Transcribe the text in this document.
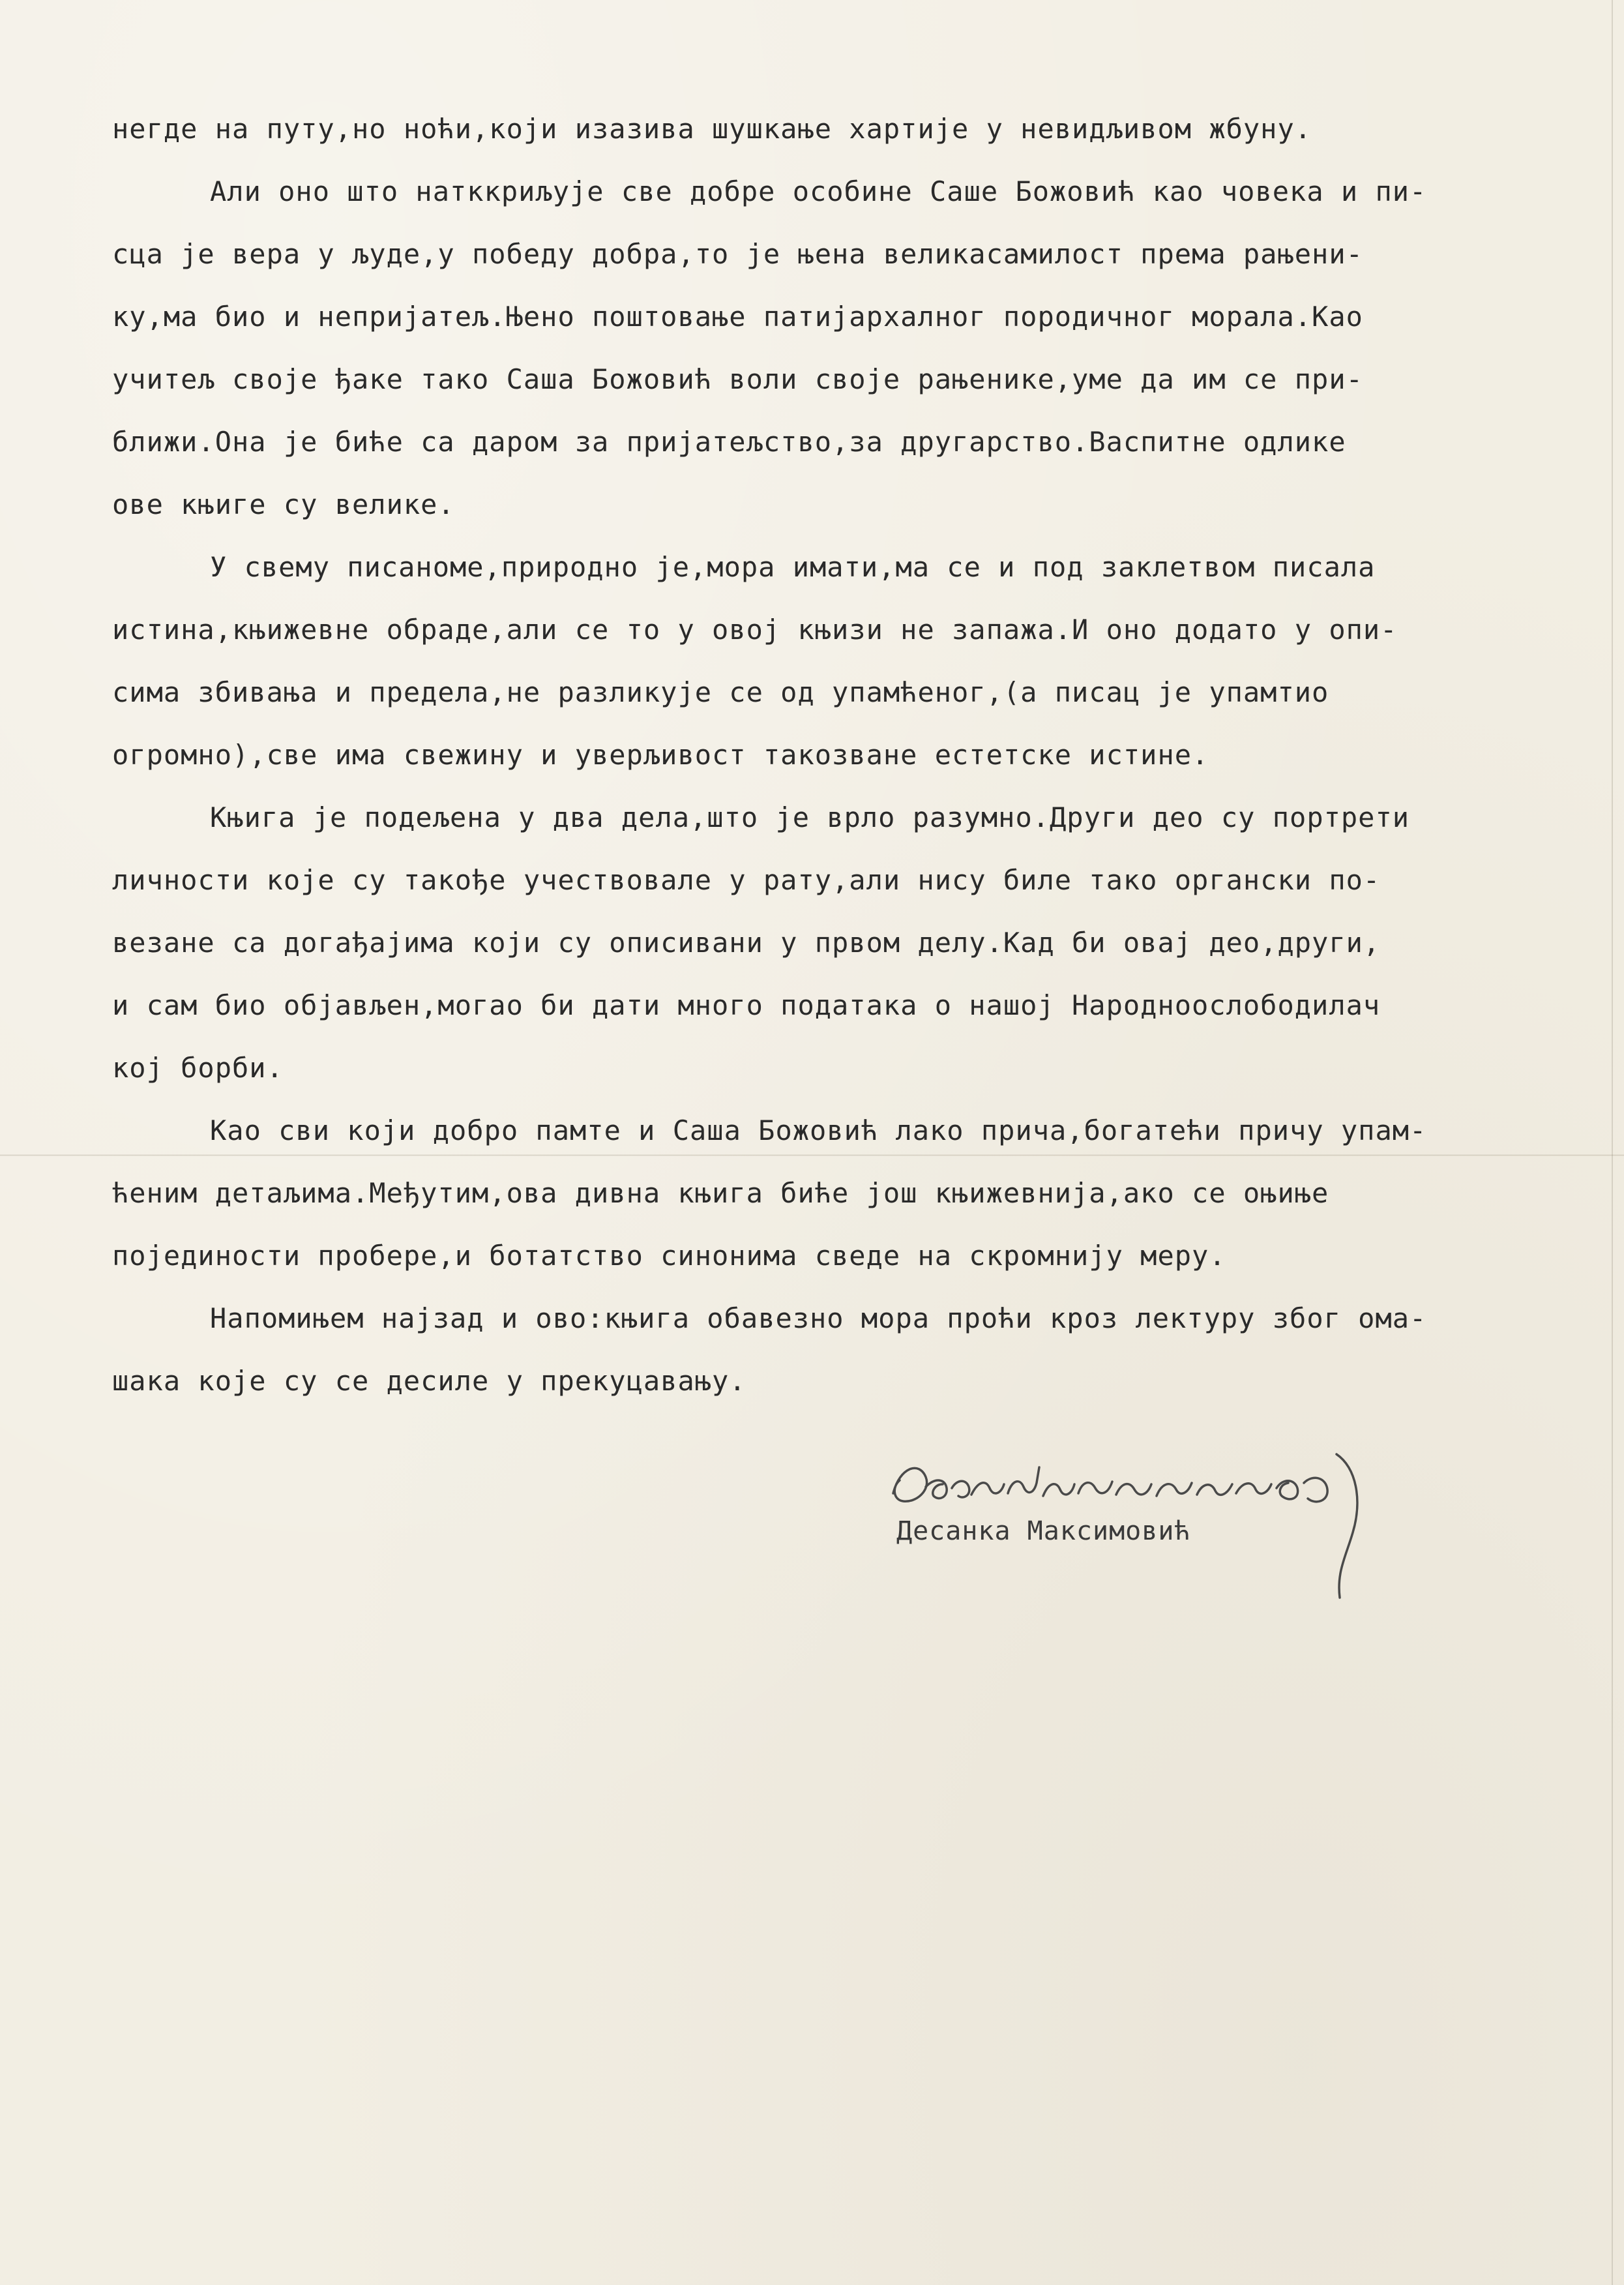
негде на путу,но ноћи,који изазива шушкање хартије у невидљивом жбуну.
Али оно што натккриљује све добре особине Саше Божовић као човека и пи-
сца је вера у људе,у победу добра,то је њена великасамилост према рањени-
ку,ма био и непријатељ.Њено поштовање патијархалног породичног морала.Као
учитељ своје ђаке тако Саша Божовић воли своје рањенике,уме да им се при-
ближи.Она је биће са даром за пријатељство,за другарство.Васпитне одлике
ове књиге су велике.
У свему писаноме,природно је,мора имати,ма се и под заклетвом писала
истина,књижевне обраде,али се то у овој књизи не запажа.И оно додато у опи-
сима збивања и предела,не разликује се од упамћеног,(а писац је упамтио
огромно),све има свежину и уверљивост такозване естетске истине.
Књига је подељена у два дела,што је врло разумно.Други део су портрети
личности које су такође учествовале у рату,али нису биле тако органски по-
везане са догађајима који су описивани у првом делу.Кад би овај део,други,
и сам био објављен,могао би дати много података о нашој Народноослободилач
кој борби.
Као сви који добро памте и Саша Божовић лако прича,богатећи причу упам-
ћеним детаљима.Међутим,ова дивна књига биће још књижевнија,ако се оњиње
појединости пробере,и ботатство синонима сведе на скромнију меру.
Напомињем најзад и ово:књига обавезно мора проћи кроз лектуру због ома-
шака које су се десиле у прекуцавању.
Десанка Максимовић
